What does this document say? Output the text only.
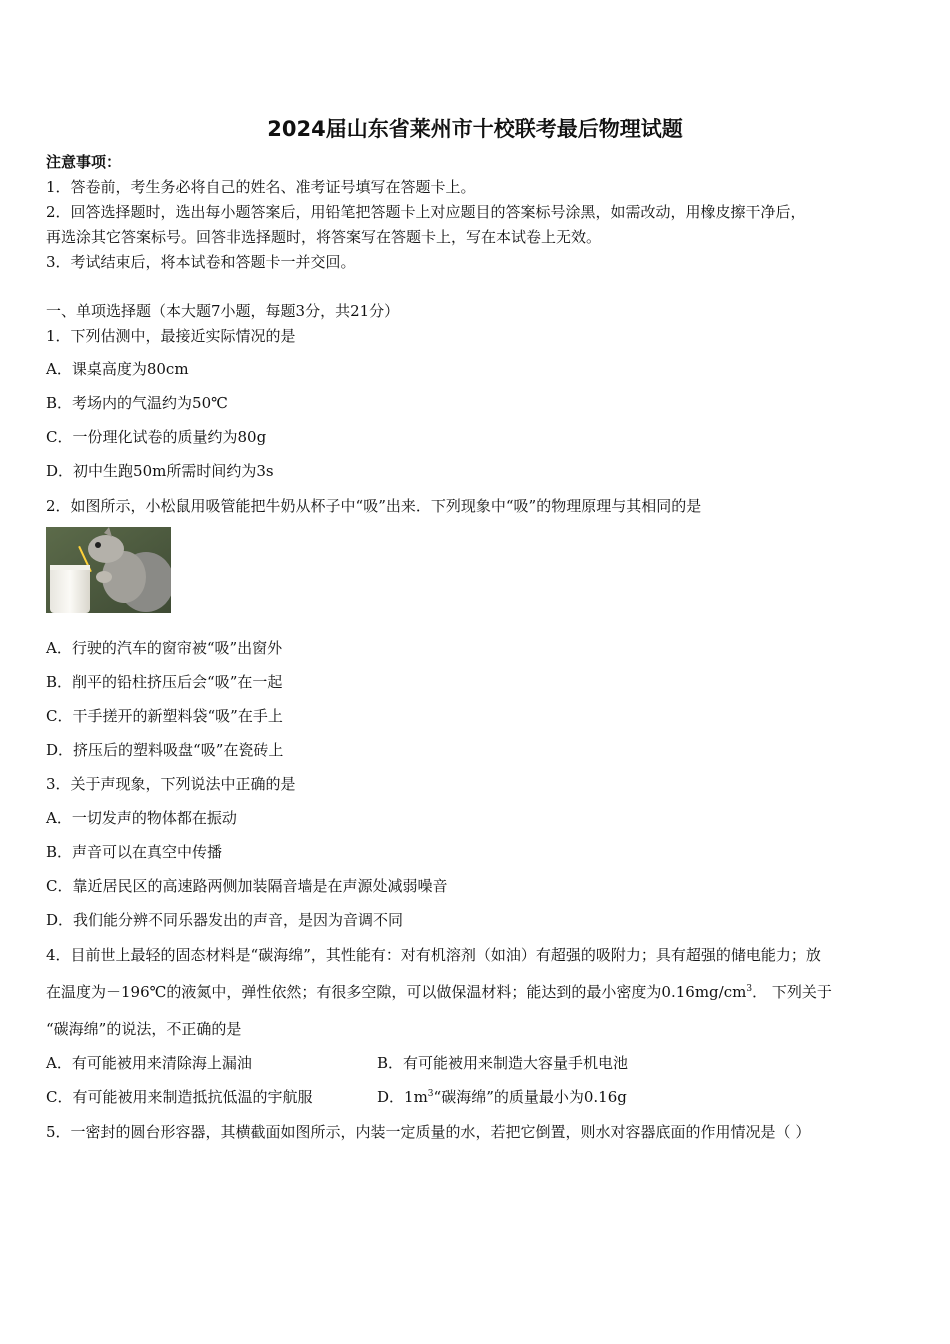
2024届山东省莱州市十校联考最后物理试题
注意事项：
1．答卷前，考生务必将自己的姓名、准考证号填写在答题卡上。
2．回答选择题时，选出每小题答案后，用铅笔把答题卡上对应题目的答案标号涂黑，如需改动，用橡皮擦干净后，
再选涂其它答案标号。回答非选择题时，将答案写在答题卡上，写在本试卷上无效。
3．考试结束后，将本试卷和答题卡一并交回。
一、单项选择题（本大题7小题，每题3分，共21分）
1．下列估测中，最接近实际情况的是
A．课桌高度为80cm
B．考场内的气温约为50℃
C．一份理化试卷的质量约为80g
D．初中生跑50m所需时间约为3s
2．如图所示，小松鼠用吸管能把牛奶从杯子中“吸”出来．下列现象中“吸”的物理原理与其相同的是
A．行驶的汽车的窗帘被“吸”出窗外
B．削平的铅柱挤压后会“吸”在一起
C．干手搓开的新塑料袋“吸”在手上
D．挤压后的塑料吸盘“吸”在瓷砖上
3．关于声现象，下列说法中正确的是
A．一切发声的物体都在振动
B．声音可以在真空中传播
C．靠近居民区的高速路两侧加装隔音墙是在声源处减弱噪音
D．我们能分辨不同乐器发出的声音，是因为音调不同
4．目前世上最轻的固态材料是“碳海绵”，其性能有：对有机溶剂（如油）有超强的吸附力；具有超强的储电能力；放
在温度为－196℃的液氮中，弹性依然；有很多空隙，可以做保温材料；能达到的最小密度为$0.16mg/cm^3$． 下列关于
“碳海绵”的说法，不正确的是
A．有可能被用来清除海上漏油	B．有可能被用来制造大容量手机电池
C．有可能被用来制造抵抗低温的宇航服	D．$1m^3“$碳海绵”的质量最小为0.16g
5．一密封的圆台形容器，其横截面如图所示，内装一定质量的水，若把它倒置，则水对容器底面的作用情况是（ ）
